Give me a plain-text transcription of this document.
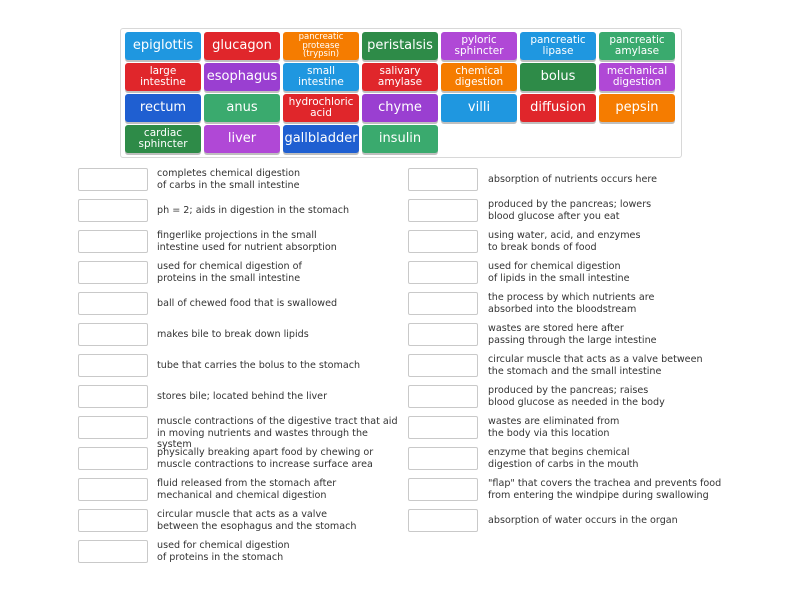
epiglottis	glucagon
pancreatic
protease (trypsin)
peristalsis	pyloric
sphincter
pancreatic
lipase
pancreatic
amylase
large intestine	esophagus	small intestine
salivary
amylase
chemical
digestion	bolus	mechanical
digestion
rectum	anus	hydrochloric
acid	chyme	villi	diffusion	pepsin
cardiac
sphincter	liver	gallbladder	insulin
completes chemical digestion
of carbs in the small intestine
ph = 2; aids in digestion in the stomach
fingerlike projections in the small
intestine used for nutrient absorption
used for chemical digestion of
proteins in the small intestine
ball of chewed food that is swallowed
makes bile to break down lipids
tube that carries the bolus to the stomach
stores bile; located behind the liver
muscle contractions of the digestive tract that aid
in moving nutrients and wastes through the system
physically breaking apart food by chewing or
muscle contractions to increase surface area
fluid released from the stomach after
mechanical and chemical digestion
circular muscle that acts as a valve
between the esophagus and the stomach
used for chemical digestion
of proteins in the stomach
absorption of nutrients occurs here
produced by the pancreas; lowers
blood glucose after you eat
using water, acid, and enzymes
to break bonds of food
used for chemical digestion
of lipids in the small intestine
the process by which nutrients are
absorbed into the bloodstream
wastes are stored here after
passing through the large intestine
circular muscle that acts as a valve between
the stomach and the small intestine
produced by the pancreas; raises
blood glucose as needed in the body
wastes are eliminated from
the body via this location
enzyme that begins chemical
digestion of carbs in the mouth
"flap" that covers the trachea and prevents food
from entering the windpipe during swallowing
absorption of water occurs in the organ
